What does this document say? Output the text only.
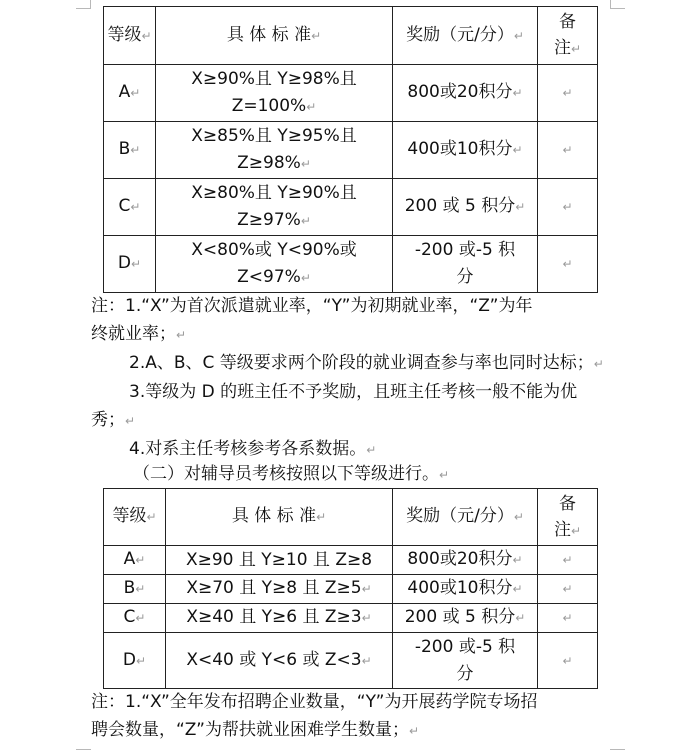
等级↵	具 体 标 准↵	奖励（元/分）↵	备注↵
A↵	X≥90%且 Y≥98%且 Z=100%↵	800或20积分↵	↵
B↵	X≥85%且 Y≥95%且 Z≥98%↵	400或10积分↵	↵
C↵	X≥80%且 Y≥90%且 Z≥97%↵	200 或 5 积分↵	↵
D↵	X<80%或 Y<90%或 Z<97%↵	-200 或-5 积分	↵
注：1.“X”为首次派遣就业率，“Y”为初期就业率，“Z”为年
终就业率；↵
2.A、B、C 等级要求两个阶段的就业调查参与率也同时达标；↵
3.等级为 D 的班主任不予奖励，且班主任考核一般不能为优
秀；↵
4.对系主任考核参考各系数据。↵
（二）对辅导员考核按照以下等级进行。↵
等级↵	具 体 标 准↵	奖励（元/分）↵	备注↵
A↵	X≥90 且 Y≥10 且 Z≥8	800或20积分↵	↵
B↵	X≥70 且 Y≥8 且 Z≥5↵	400或10积分↵	↵
C↵	X≥40 且 Y≥6 且 Z≥3↵	200 或 5 积分↵	↵
D↵	X<40 或 Y<6 或 Z<3↵	-200 或-5 积分	↵
注：1.“X”全年发布招聘企业数量，“Y”为开展药学院专场招
聘会数量，“Z”为帮扶就业困难学生数量；↵
